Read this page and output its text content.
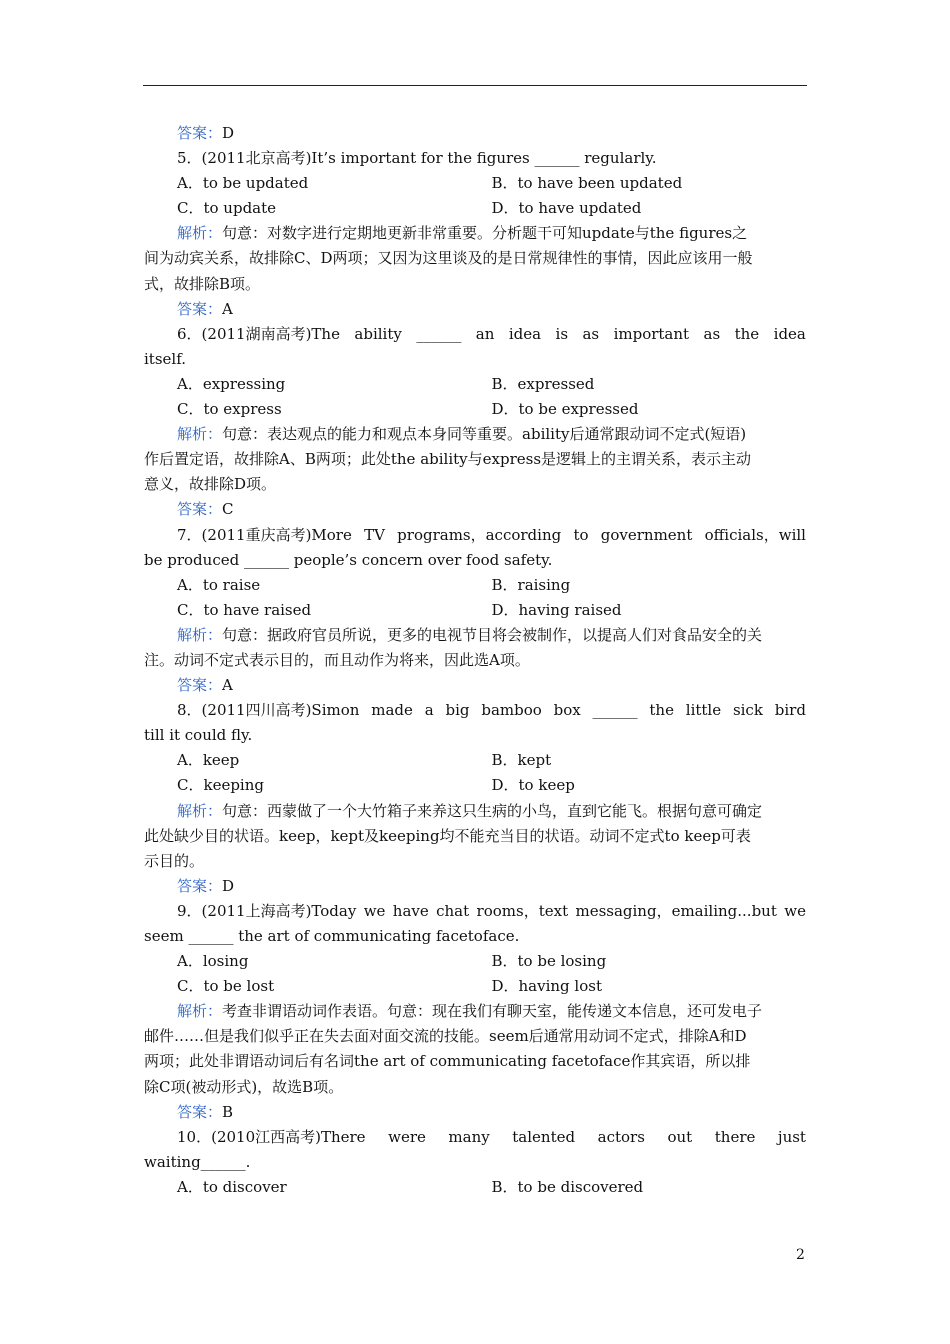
答案：D
5．(2011北京高考)It’s important for the figures ______ regularly.
A．to be updated	B．to have been updated
C．to update	D．to have updated
解析：句意：对数字进行定期地更新非常重要。分析题干可知update与the figures之
间为动宾关系，故排除C、D两项；又因为这里谈及的是日常规律性的事情，因此应该用一般
式，故排除B项。
答案：A
6．(2011湖南高考)The ability ______ an idea is as important as the idea
itself.
A．expressing	B．expressed
C．to express	D．to be expressed
解析：句意：表达观点的能力和观点本身同等重要。ability后通常跟动词不定式(短语)
作后置定语，故排除A、B两项；此处the ability与express是逻辑上的主谓关系，表示主动
意义，故排除D项。
答案：C
7．(2011重庆高考)More TV programs，according to government officials，will
be produced ______ people’s concern over food safety.
A．to raise	B．raising
C．to have raised	D．having raised
解析：句意：据政府官员所说，更多的电视节目将会被制作，以提高人们对食品安全的关
注。动词不定式表示目的，而且动作为将来，因此选A项。
答案：A
8．(2011四川高考)Simon made a big bamboo box ______ the little sick bird
till it could fly.
A．keep	B．kept
C．keeping	D．to keep
解析：句意：西蒙做了一个大竹箱子来养这只生病的小鸟，直到它能飞。根据句意可确定
此处缺少目的状语。keep，kept及keeping均不能充当目的状语。动词不定式to keep可表
示目的。
答案：D
9．(2011上海高考)Today we have chat rooms，text messaging，emailing...but we
seem ______ the art of communicating facetoface.
A．losing	B．to be losing
C．to be lost	D．having lost
解析：考查非谓语动词作表语。句意：现在我们有聊天室，能传递文本信息，还可发电子
邮件……但是我们似乎正在失去面对面交流的技能。seem后通常用动词不定式，排除A和D
两项；此处非谓语动词后有名词the art of communicating facetoface作其宾语，所以排
除C项(被动形式)，故选B项。
答案：B
10．(2010江西高考)There were many talented actors out there just
waiting______.
A．to discover	B．to be discovered
2
